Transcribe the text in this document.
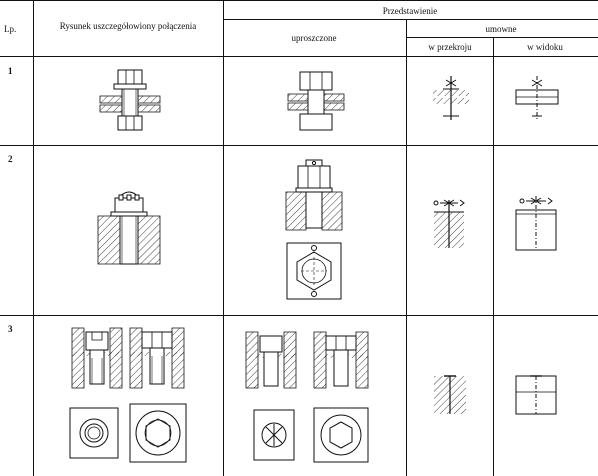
Lp.	Rysunek uszczegółowiony połączenia
Przedstawienie
uproszczone
umowne
w przekroju	w widoku
1
2
3
